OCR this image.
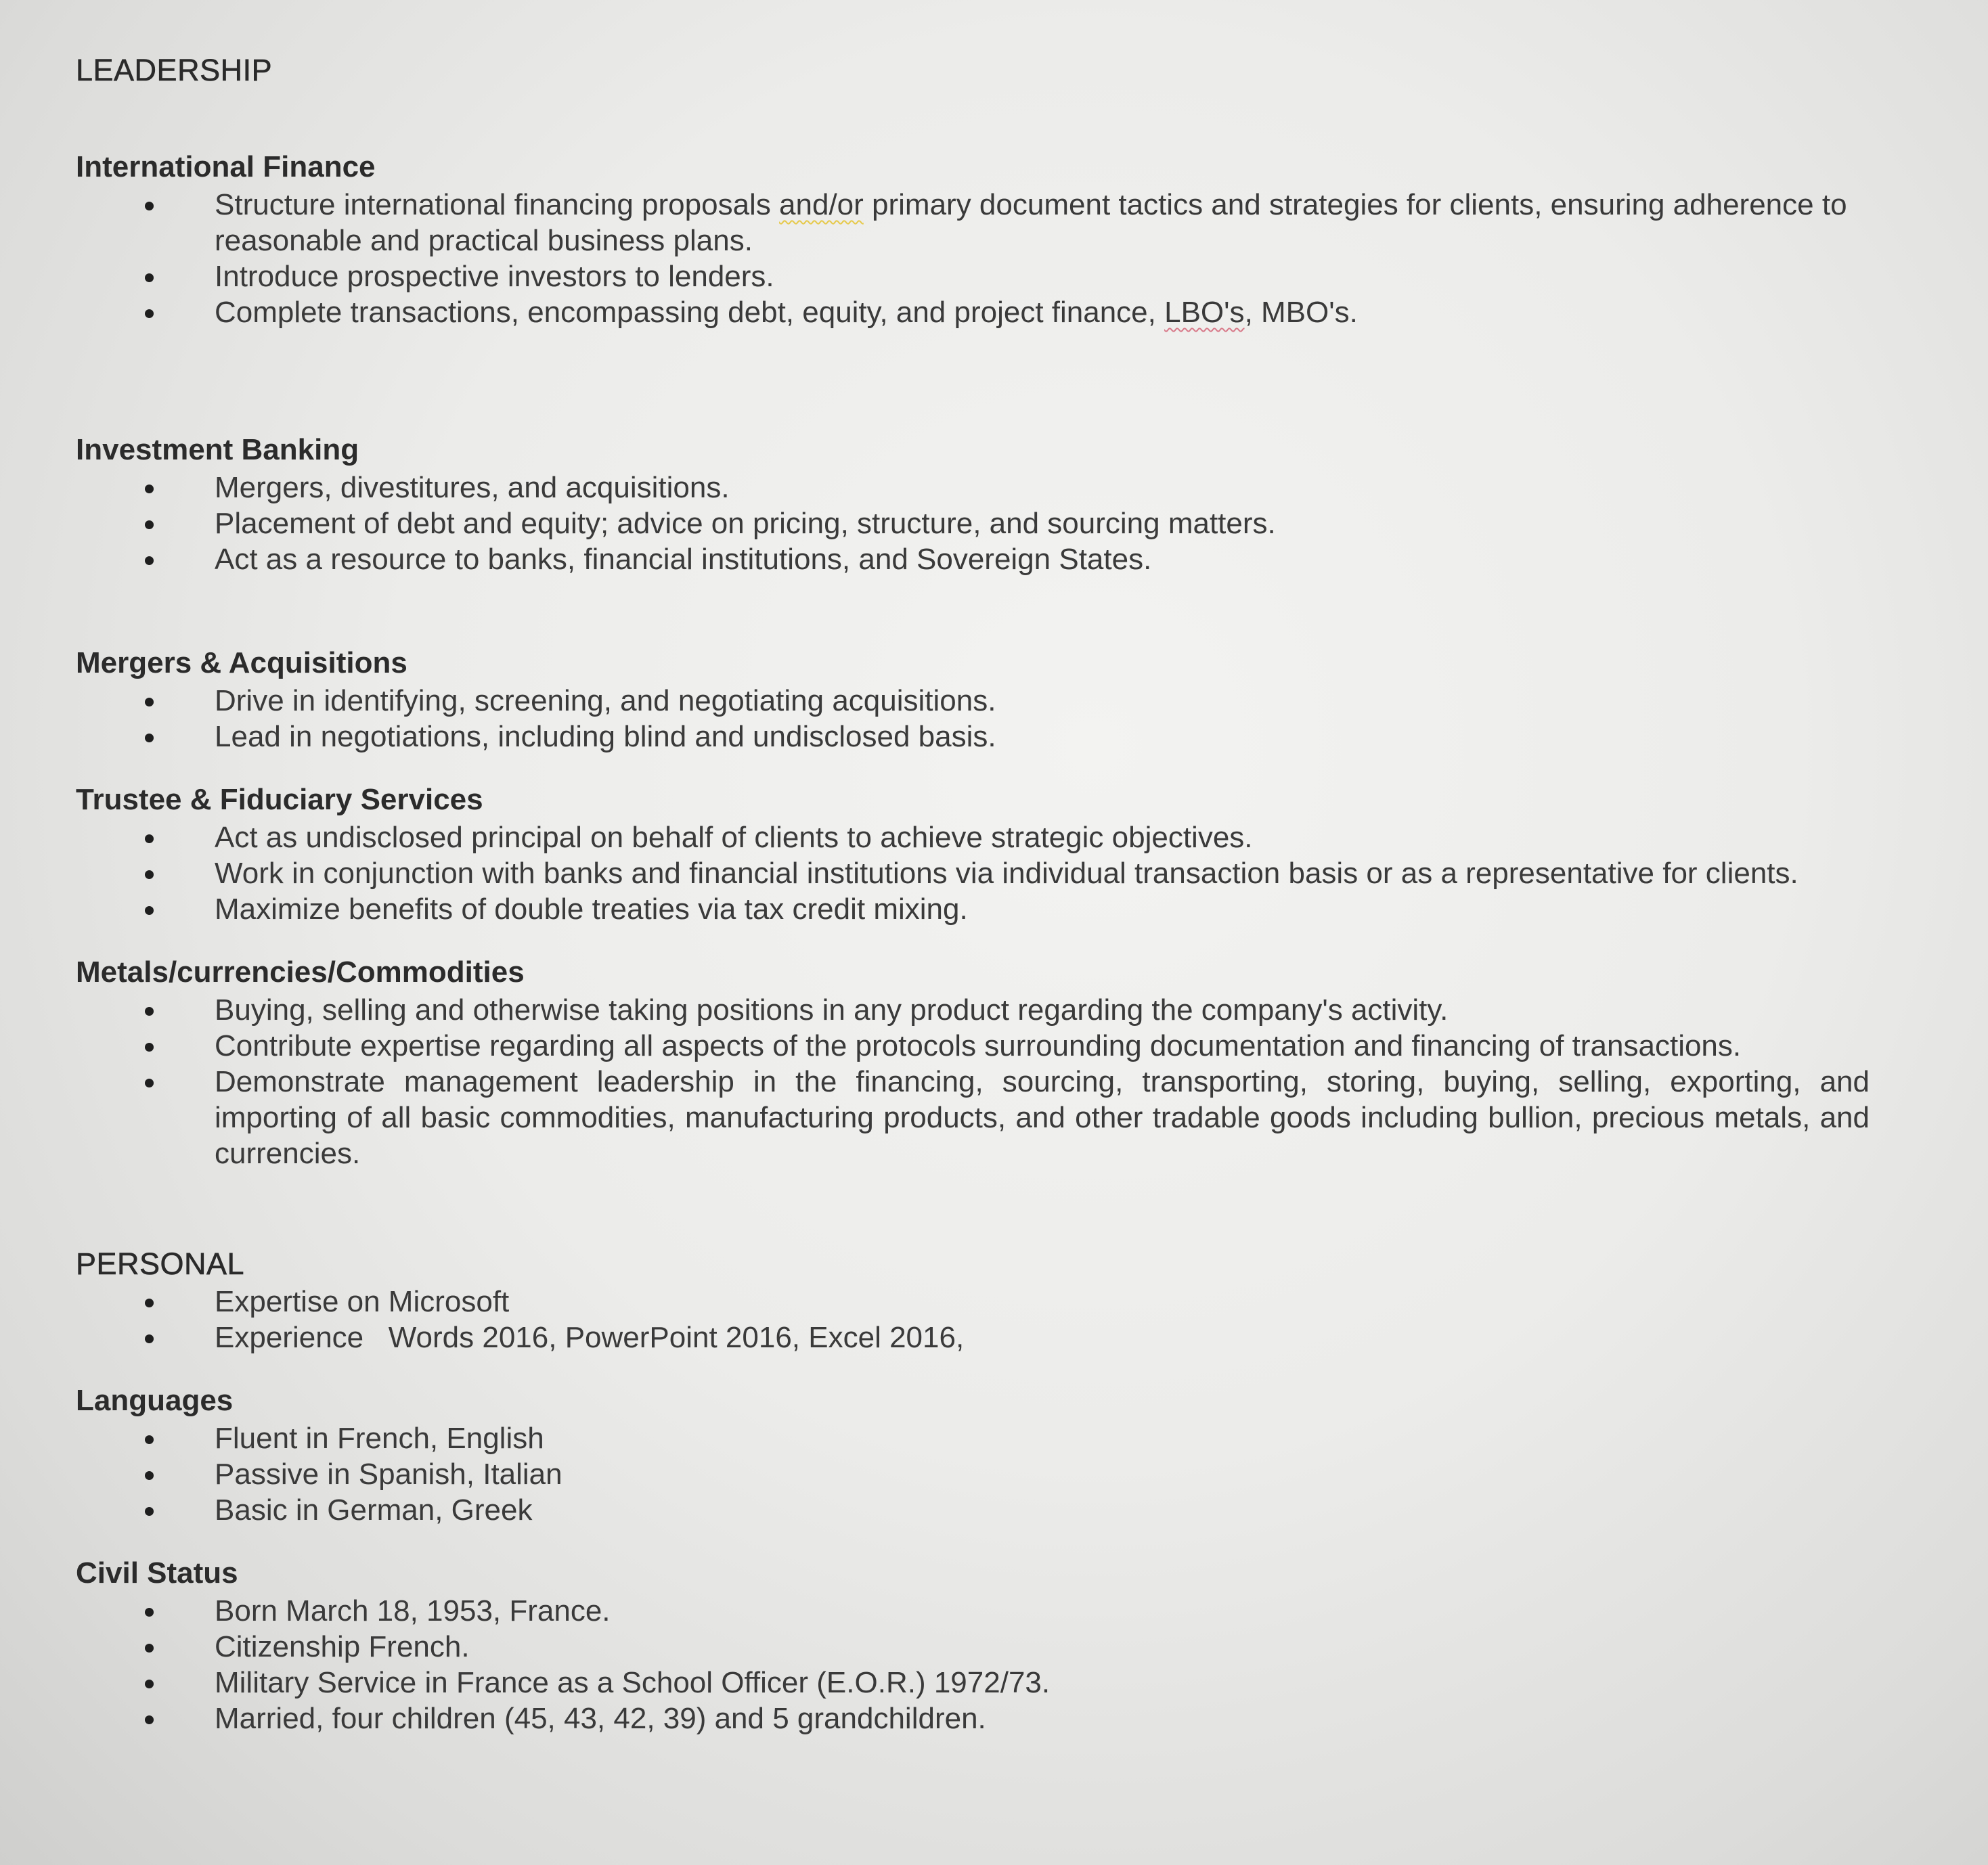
LEADERSHIP
International Finance
Structure international financing proposals and/or primary document tactics and strategies for clients, ensuring adherence to
reasonable and practical business plans.
Introduce prospective investors to lenders.
Complete transactions, encompassing debt, equity, and project finance, LBO's, MBO's.
Investment Banking
Mergers, divestitures, and acquisitions.
Placement of debt and equity; advice on pricing, structure, and sourcing matters.
Act as a resource to banks, financial institutions, and Sovereign States.
Mergers & Acquisitions
Drive in identifying, screening, and negotiating acquisitions.
Lead in negotiations, including blind and undisclosed basis.
Trustee & Fiduciary Services
Act as undisclosed principal on behalf of clients to achieve strategic objectives.
Work in conjunction with banks and financial institutions via individual transaction basis or as a representative for clients.
Maximize benefits of double treaties via tax credit mixing.
Metals/currencies/Commodities
Buying, selling and otherwise taking positions in any product regarding the company's activity.
Contribute expertise regarding all aspects of the protocols surrounding documentation and financing of transactions.
Demonstrate management leadership in the financing, sourcing, transporting, storing, buying, selling, exporting, and importing of all basic commodities, manufacturing products, and other tradable goods including bullion, precious metals, and currencies.
PERSONAL
Expertise on Microsoft
Experience   Words 2016, PowerPoint 2016, Excel 2016,
Languages
Fluent in French, English
Passive in Spanish, Italian
Basic in German, Greek
Civil Status
Born March 18, 1953, France.
Citizenship French.
Military Service in France as a School Officer (E.O.R.) 1972/73.
Married, four children (45, 43, 42, 39) and 5 grandchildren.
